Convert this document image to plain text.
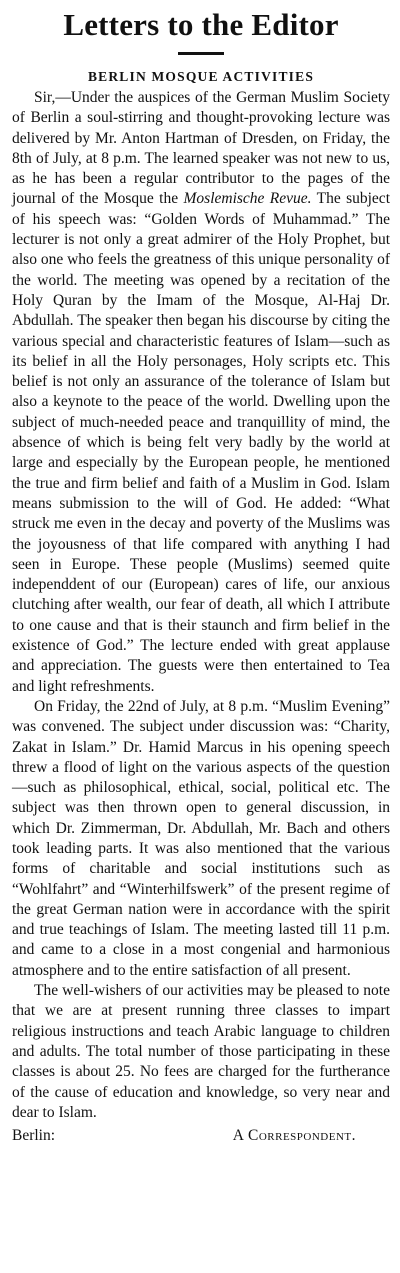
Letters to the Editor
BERLIN MOSQUE ACTIVITIES

Sir,—Under the auspices of the German Muslim Society of Berlin a soul-stirring and thought-provoking lecture was delivered by Mr. Anton Hartman of Dresden, on Friday, the 8th of July, at 8 p.m. The learned speaker was not new to us, as he has been a regular contributor to the pages of the journal of the Mosque the Moslemische Revue. The subject of his speech was: “Golden Words of Muhammad.” The lecturer is not only a great admirer of the Holy Prophet, but also one who feels the greatness of this unique personality of the world. The meeting was opened by a recitation of the Holy Quran by the Imam of the Mosque, Al-Haj Dr. Abdullah. The speaker then began his discourse by citing the various special and characteristic features of Islam—such as its belief in all the Holy personages, Holy scripts etc. This belief is not only an assurance of the tolerance of Islam but also a keynote to the peace of the world. Dwelling upon the subject of much-needed peace and tranquillity of mind, the absence of which is being felt very badly by the world at large and especially by the European people, he mentioned the true and firm belief and faith of a Muslim in God. Islam means submission to the will of God. He added: “What struck me even in the decay and poverty of the Muslims was the joyousness of that life compared with anything I had seen in Europe. These people (Muslims) seemed quite independdent of our (European) cares of life, our anxious clutching after wealth, our fear of death, all which I attribute to one cause and that is their staunch and firm belief in the existence of God.” The lecture ended with great applause and appreciation. The guests were then entertained to Tea and light refreshments.

On Friday, the 22nd of July, at 8 p.m. “Muslim Evening” was convened. The subject under discussion was: “Charity, Zakat in Islam.” Dr. Hamid Marcus in his opening speech threw a flood of light on the various aspects of the question—such as philosophical, ethical, social, political etc. The subject was then thrown open to general discussion, in which Dr. Zimmerman, Dr. Abdullah, Mr. Bach and others took leading parts. It was also mentioned that the various forms of charitable and social institutions such as “Wohlfahrt” and “Winterhilfswerk” of the present regime of the great German nation were in accordance with the spirit and true teachings of Islam. The meeting lasted till 11 p.m. and came to a close in a most congenial and harmonious atmosphere and to the entire satisfaction of all present.

The well-wishers of our activities may be pleased to note that we are at present running three classes to impart religious instructions and teach Arabic language to children and adults. The total number of those participating in these classes is about 25. No fees are charged for the furtherance of the cause of education and knowledge, so very near and dear to Islam.

Berlin:	A Correspondent.
